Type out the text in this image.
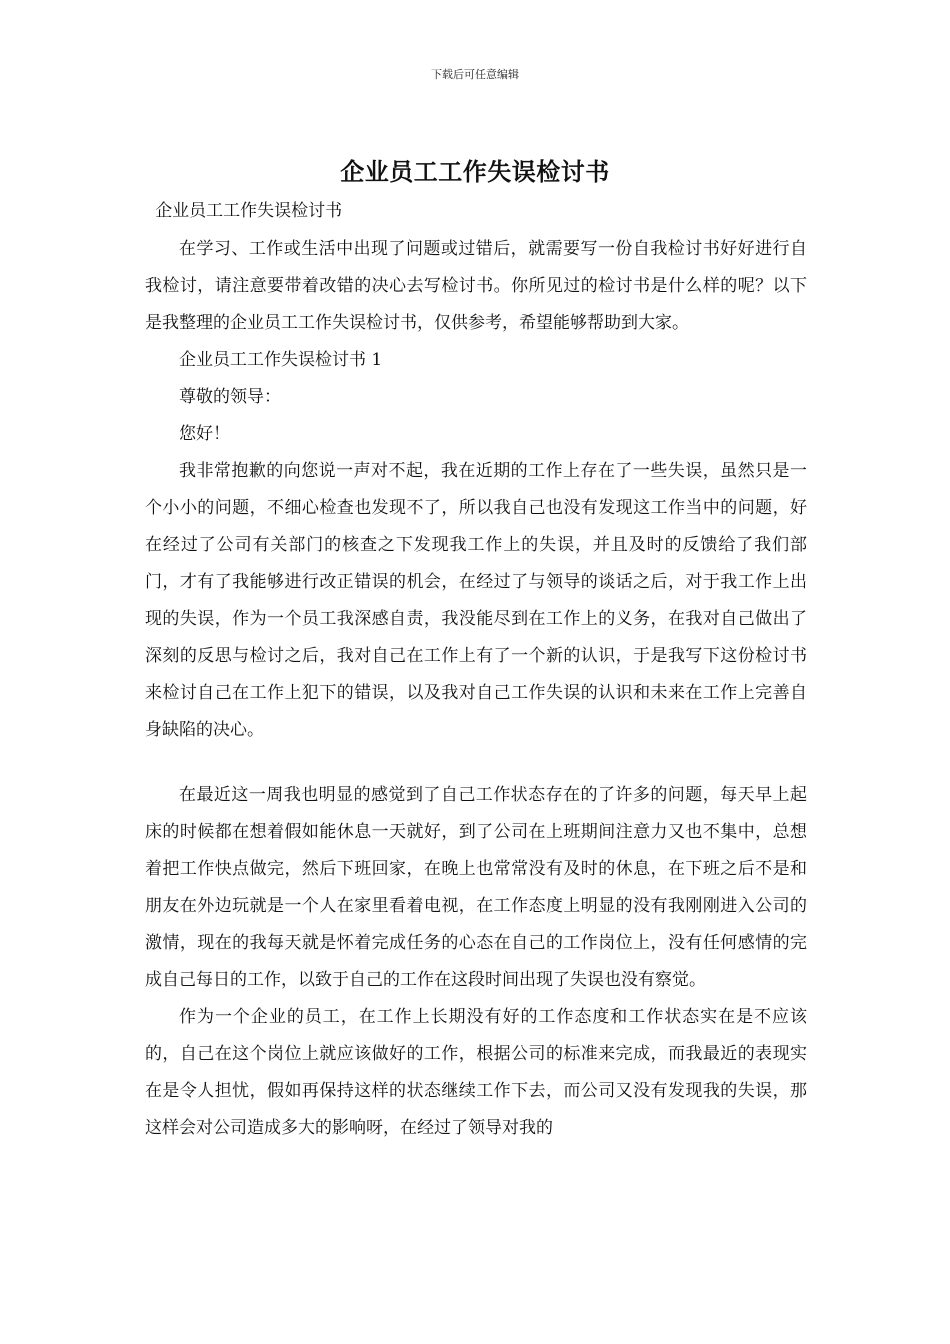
下载后可任意编辑
企业员工工作失误检讨书

企业员工工作失误检讨书

在学习、工作或生活中出现了问题或过错后，就需要写一份自我检讨书好好进行自我检讨，请注意要带着改错的决心去写检讨书。你所见过的检讨书是什么样的呢？以下是我整理的企业员工工作失误检讨书，仅供参考，希望能够帮助到大家。

企业员工工作失误检讨书 1

尊敬的领导：

您好！

我非常抱歉的向您说一声对不起，我在近期的工作上存在了一些失误，虽然只是一个小小的问题，不细心检查也发现不了，所以我自己也没有发现这工作当中的问题，好在经过了公司有关部门的核查之下发现我工作上的失误，并且及时的反馈给了我们部门，才有了我能够进行改正错误的机会，在经过了与领导的谈话之后，对于我工作上出现的失误，作为一个员工我深感自责，我没能尽到在工作上的义务，在我对自己做出了深刻的反思与检讨之后，我对自己在工作上有了一个新的认识，于是我写下这份检讨书来检讨自己在工作上犯下的错误，以及我对自己工作失误的认识和未来在工作上完善自身缺陷的决心。

在最近这一周我也明显的感觉到了自己工作状态存在的了许多的问题，每天早上起床的时候都在想着假如能休息一天就好，到了公司在上班期间注意力又也不集中，总想着把工作快点做完，然后下班回家，在晚上也常常没有及时的休息，在下班之后不是和朋友在外边玩就是一个人在家里看着电视，在工作态度上明显的没有我刚刚进入公司的激情，现在的我每天就是怀着完成任务的心态在自己的工作岗位上，没有任何感情的完成自己每日的工作，以致于自己的工作在这段时间出现了失误也没有察觉。

作为一个企业的员工，在工作上长期没有好的工作态度和工作状态实在是不应该的，自己在这个岗位上就应该做好的工作，根据公司的标准来完成，而我最近的表现实在是令人担忧，假如再保持这样的状态继续工作下去，而公司又没有发现我的失误，那这样会对公司造成多大的影响呀，在经过了领导对我的
